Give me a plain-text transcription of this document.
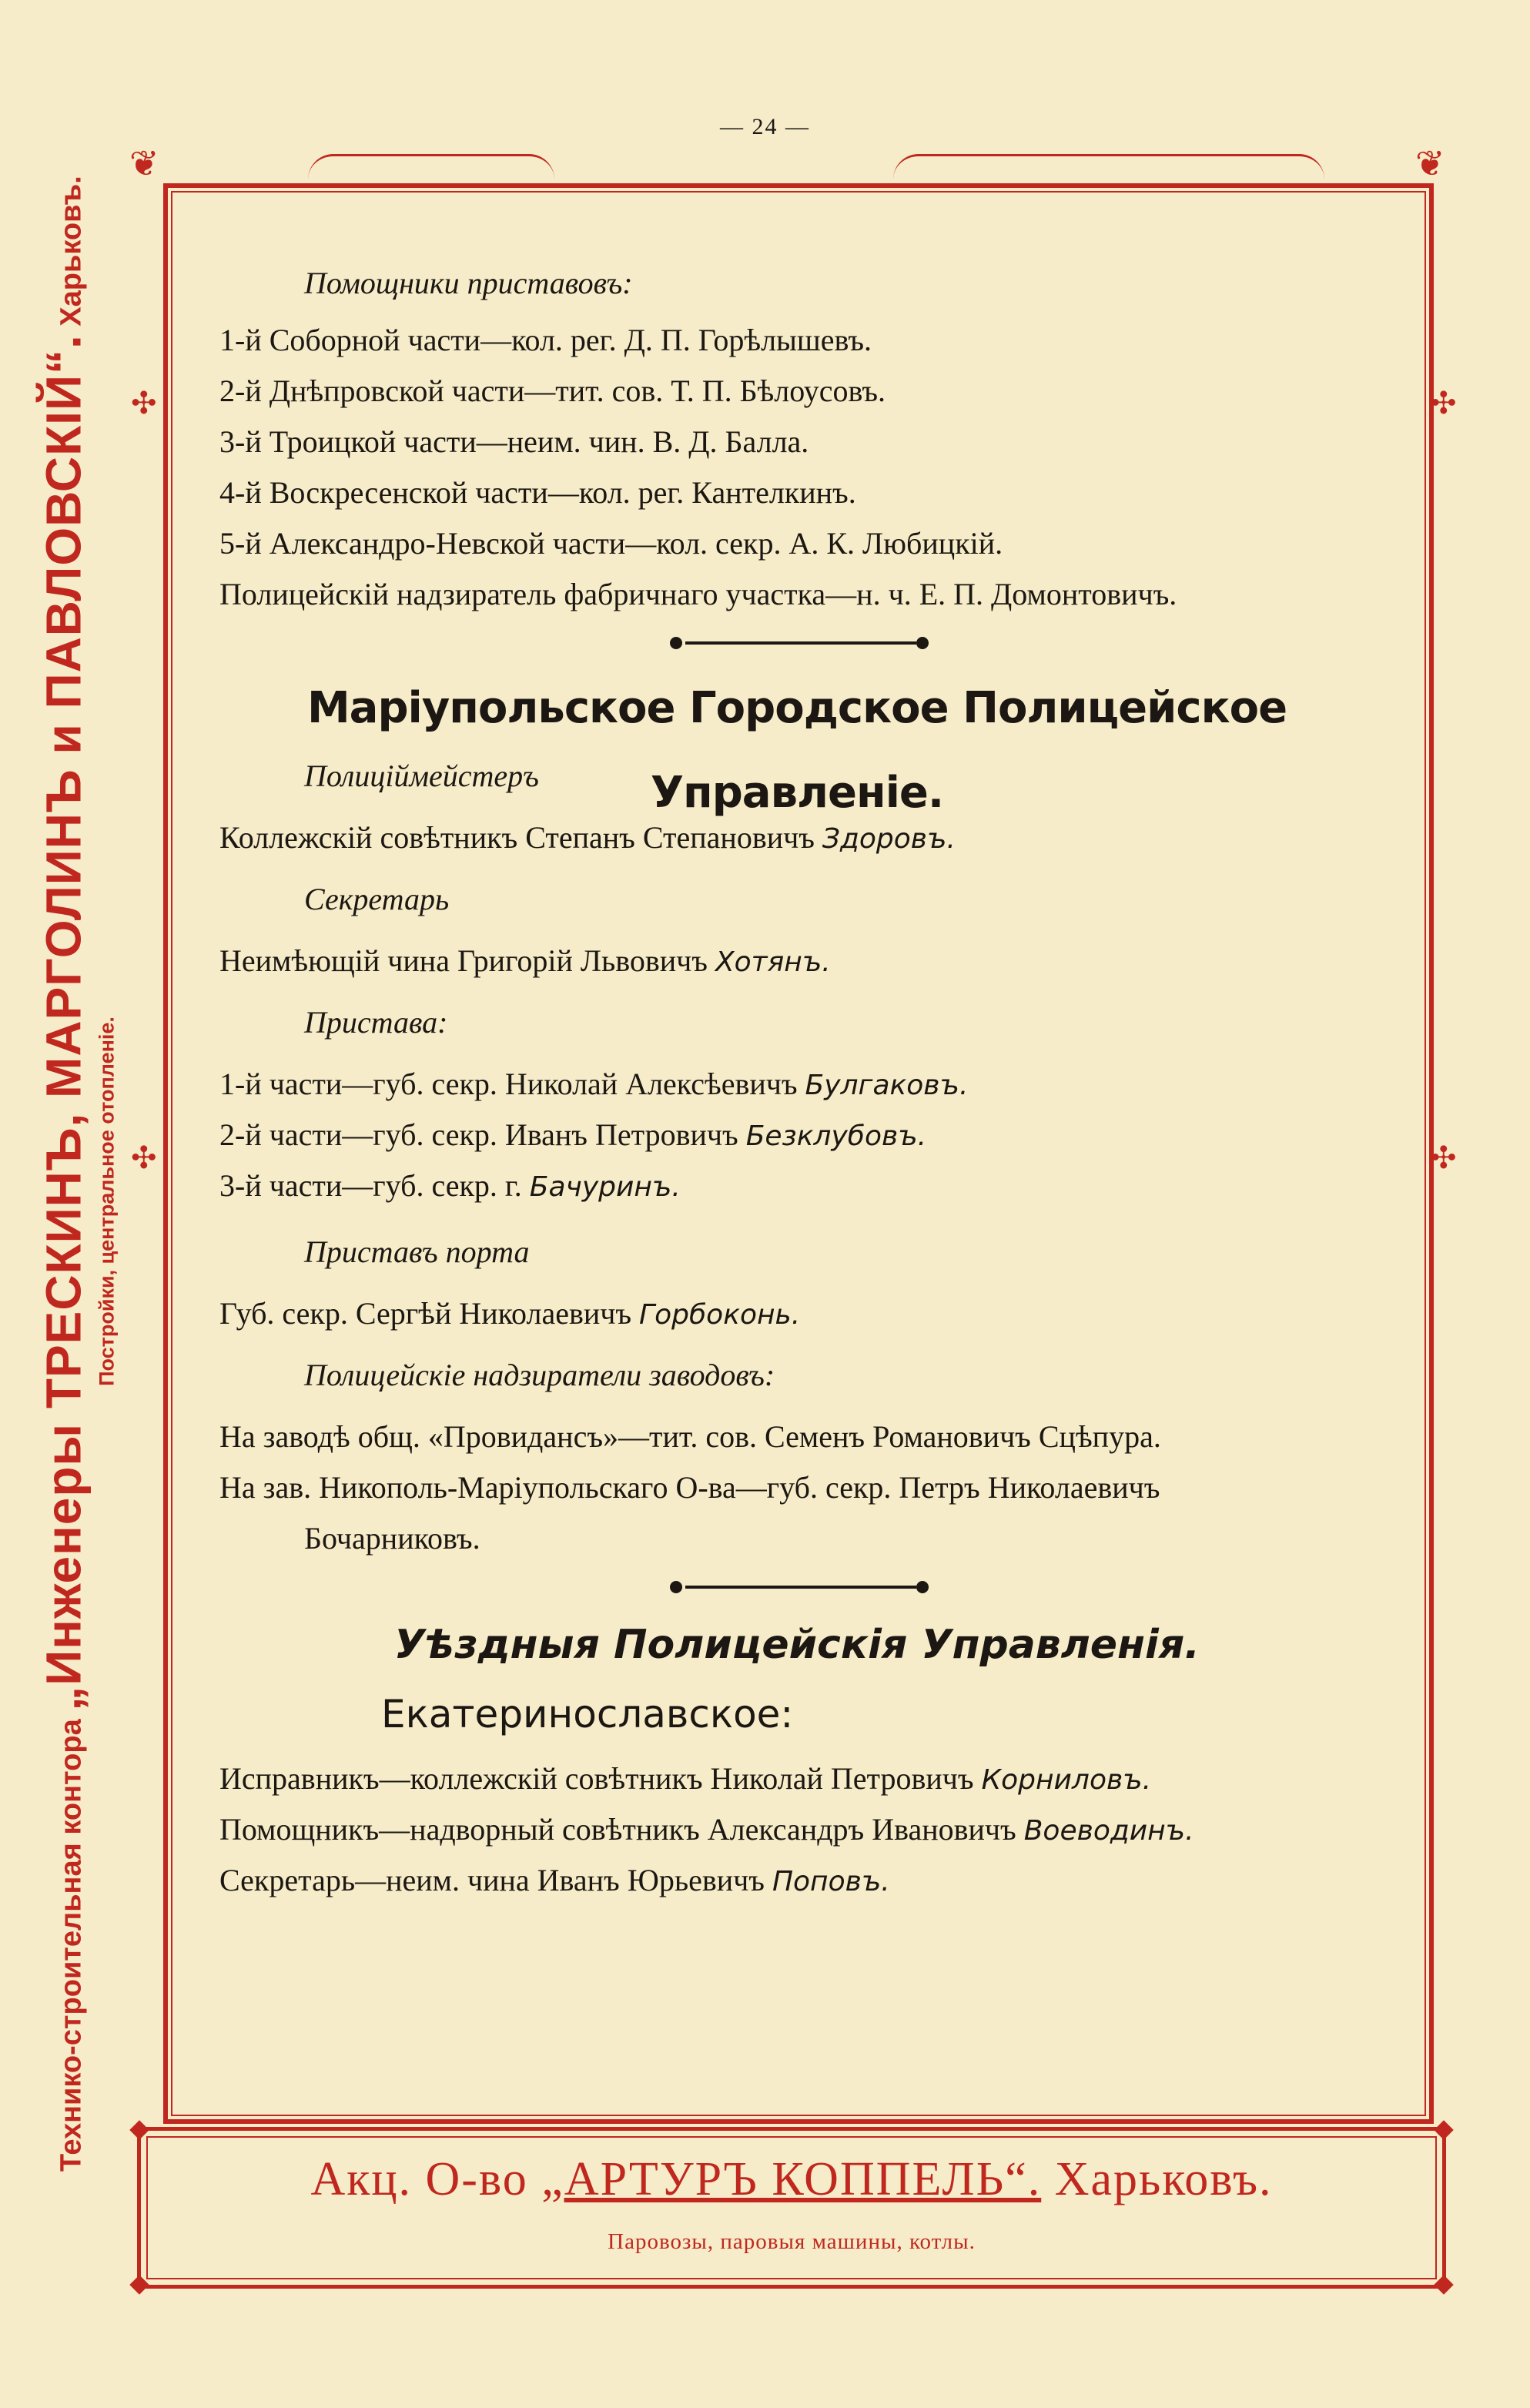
— 24 —
❦	❦
✣
✣
✣
✣
Технико-строительная контора „Инженеры ТРЕСКИНЪ, МАРГОЛИНЪ и ПАВЛОВСКІЙ“. Харьковъ.
Постройки, центральное отопленіе.
Помощники приставовъ:
1-й Соборной части—кол. рег. Д. П. Горѣлышевъ.
2-й Днѣпровской части—тит. сов. Т. П. Бѣлоусовъ.
3-й Троицкой части—неим. чин. В. Д. Балла.
4-й Воскресенской части—кол. рег. Кантелкинъ.
5-й Александро-Невской части—кол. секр. А. К. Любицкій.
Полицейскій надзиратель фабричнаго участка—н. ч. Е. П. Домонтовичъ.
Маріупольское Городское Полицейское Управленіе.
Полиціймейстеръ
Коллежскій совѣтникъ Степанъ Степановичъ Здоровъ.
Секретарь
Неимѣющій чина Григорій Львовичъ Хотянъ.
Пристава:
1-й части—губ. секр. Николай Алексѣевичъ Булгаковъ.
2-й части—губ. секр. Иванъ Петровичъ Безклубовъ.
3-й части—губ. секр. г. Бачуринъ.
Приставъ порта
Губ. секр. Сергѣй Николаевичъ Горбоконь.
Полицейскіе надзиратели заводовъ:
На заводѣ общ. «Провидансъ»—тит. сов. Семенъ Романовичъ Сцѣпура.
На зав. Никополь-Маріупольскаго О-ва—губ. секр. Петръ Николаевичъ
Бочарниковъ.
Уѣздныя Полицейскія Управленія.
Екатеринославское:
Исправникъ—коллежскій совѣтникъ Николай Петровичъ Корниловъ.
Помощникъ—надворный совѣтникъ Александръ Ивановичъ Воеводинъ.
Секретарь—неим. чина Иванъ Юрьевичъ Поповъ.
Акц. О-во „АРТУРЪ КОППЕЛЬ“. Харьковъ.
Паровозы, паровыя машины, котлы.
